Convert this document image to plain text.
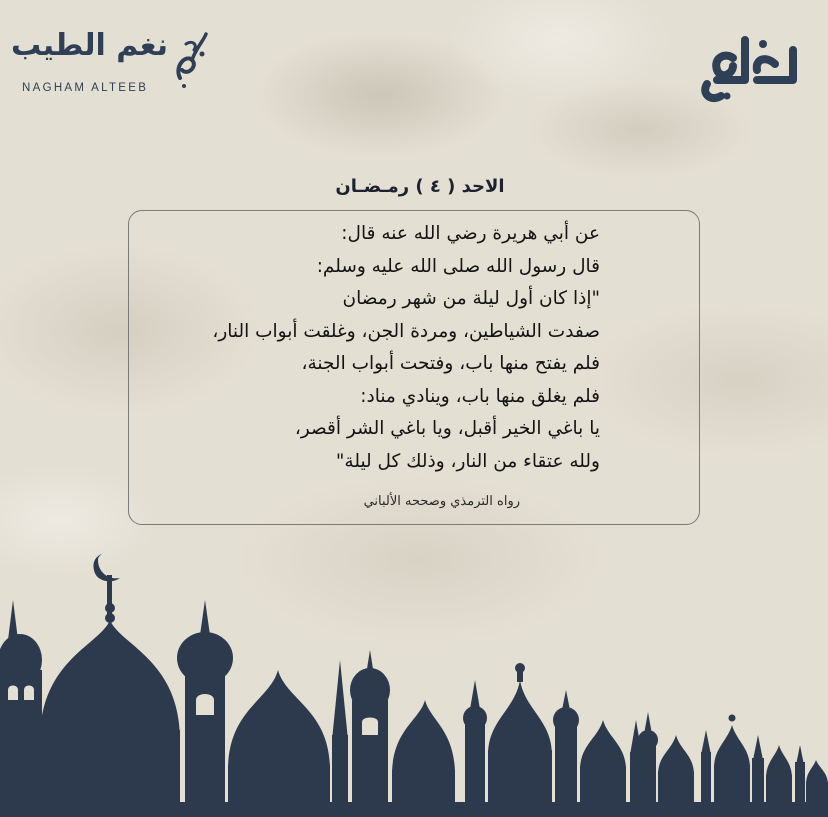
نغم الطيب
NAGHAM ALTEEB
الاحد ( ٤ ) رمـضـان
عن أبي هريرة رضي الله عنه قال:
قال رسول الله صلى الله عليه وسلم:
"إذا كان أول ليلة من شهر رمضان
صفدت الشياطين، ومردة الجن، وغلقت أبواب النار،
فلم يفتح منها باب، وفتحت أبواب الجنة،
فلم يغلق منها باب، وينادي مناد:
يا باغي الخير أقبل، ويا باغي الشر أقصر،
ولله عتقاء من النار، وذلك كل ليلة"
رواه الترمذي وصححه الألباني
